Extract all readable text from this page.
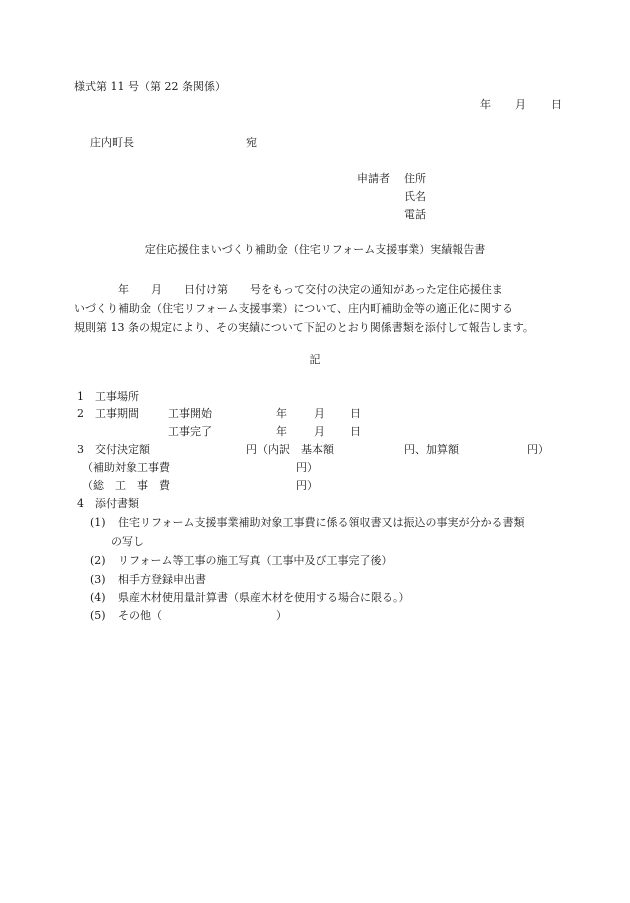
様式第 11 号（第 22 条関係）
年 月 日
庄内町長	宛
申請者 住所
氏名
電話
定住応援住まいづくり補助金（住宅リフォーム支援事業）実績報告書
　　　　年　　月　　日付け第　　号をもって交付の決定の通知があった定住応援住ま
いづくり補助金（住宅リフォーム支援事業）について、庄内町補助金等の適正化に関する
規則第 13 条の規定により、その実績について下記のとおり関係書類を添付して報告します。
記
1 工事場所
2 工事期間	工事開始	年 月 日
工事完了	年 月 日
3 交付決定額	円（内訳　基本額	円、加算額	円）
（補助対象工事費	円）
（総　工　事　費	円）
4 添付書類
(1) 住宅リフォーム支援事業補助対象工事費に係る領収書又は振込の事実が分かる書類
の写し
(2) リフォーム等工事の施工写真（工事中及び工事完了後）
(3) 相手方登録申出書
(4) 県産木材使用量計算書（県産木材を使用する場合に限る。）
(5) その他（	）
